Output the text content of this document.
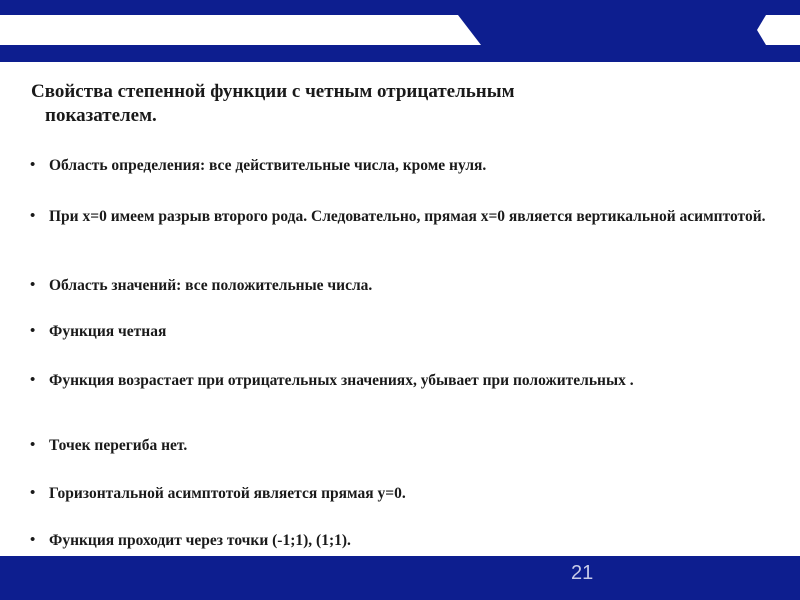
Свойства степенной функции с четным отрицательным
показателем.
• Область определения: все действительные числа, кроме нуля.
• При х=0 имеем разрыв второго рода. Следовательно, прямая х=0 является вертикальной асимптотой.
• Область значений: все положительные числа.
• Функция четная
• Функция возрастает при отрицательных значениях, убывает при положительных .
• Точек перегиба нет.
• Горизонтальной асимптотой является прямая у=0.
• Функция проходит через точки (-1;1), (1;1).
21
